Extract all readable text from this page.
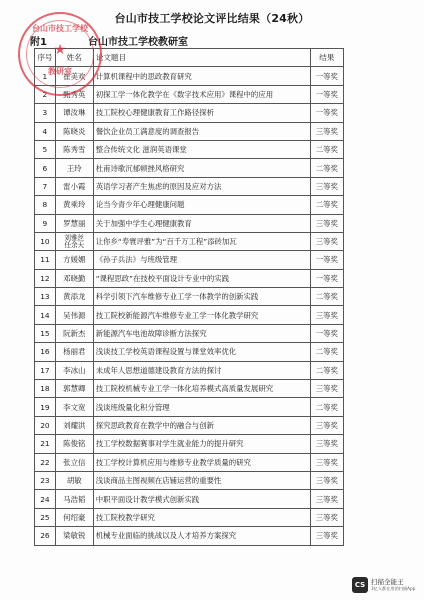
台山市技工学校论文评比结果（24秋）
附1	台山市技工学校教研室
序号	姓名	论文题目	结果
1	崔美欢	计算机课程中的思政教育研究	一等奖
2	甄秀英	初探工学一体化教学在《数字技术应用》课程中的应用	一等奖
3	谭汝琳	技工院校心理健康教育工作路径探析	一等奖
4	陈晓炎	餐饮企业员工满意度的调查报告	三等奖
5	陈秀雪	整合传统文化 滋润英语课堂	二等奖
6	王玲	杜甫诗歌沉郁顿挫风格研究	二等奖
7	雷小霞	英语学习者产生焦虑的原因及应对方法	三等奖
8	黄乘玲	论当今青少年心理健康问题	二等奖
9	罗慧丽	关于加强中学生心理健康教育	三等奖
10	刘雅丝
任余天	让你乡“寿寰评雅”为“百千万工程”添砖加瓦	三等奖
11	方媛媚	《孙子兵法》与班级管理	一等奖
12	邓晓勤	“课程思政”在技校平面设计专业中的实践	一等奖
13	黄添龙	科学引领下汽车维修专业工学一体教学的创新实践	二等奖
14	吴伟源	技工院校新能源汽车维修专业工学一体化教学研究	三等奖
15	阮新杰	新能源汽车电池故障诊断方法探究	一等奖
16	杨丽君	浅谈技工学校英语课程设置与课堂效率优化	二等奖
17	李冰山	未成年人思想道德建设教育方法的探讨	二等奖
18	郭慧卿	技工院校机械专业工学一体化培养模式高质量发展研究	三等奖
19	李文宽	浅谈班级量化积分管理	二等奖
20	刘耀洪	探究思政教育在教学中的融合与创新	三等奖
21	陈俊铭	技工学校数据赛事对学生就业能力的提升研究	三等奖
22	张立信	技工学校计算机应用与维修专业教学质量的研究	三等奖
23	胡敏	浅谈商品主图视频在店铺运营的重要性	三等奖
24	马浩韬	中职平面设计教学模式创新实践	三等奖
25	何绍豪	技工院校教学研究	三等奖
26	梁敏锐	机械专业面临的挑战以及人才培养方案探究	三等奖
台山市技工学校
★
教研室
CS 扫描全能王
3亿人都在用的扫描App
